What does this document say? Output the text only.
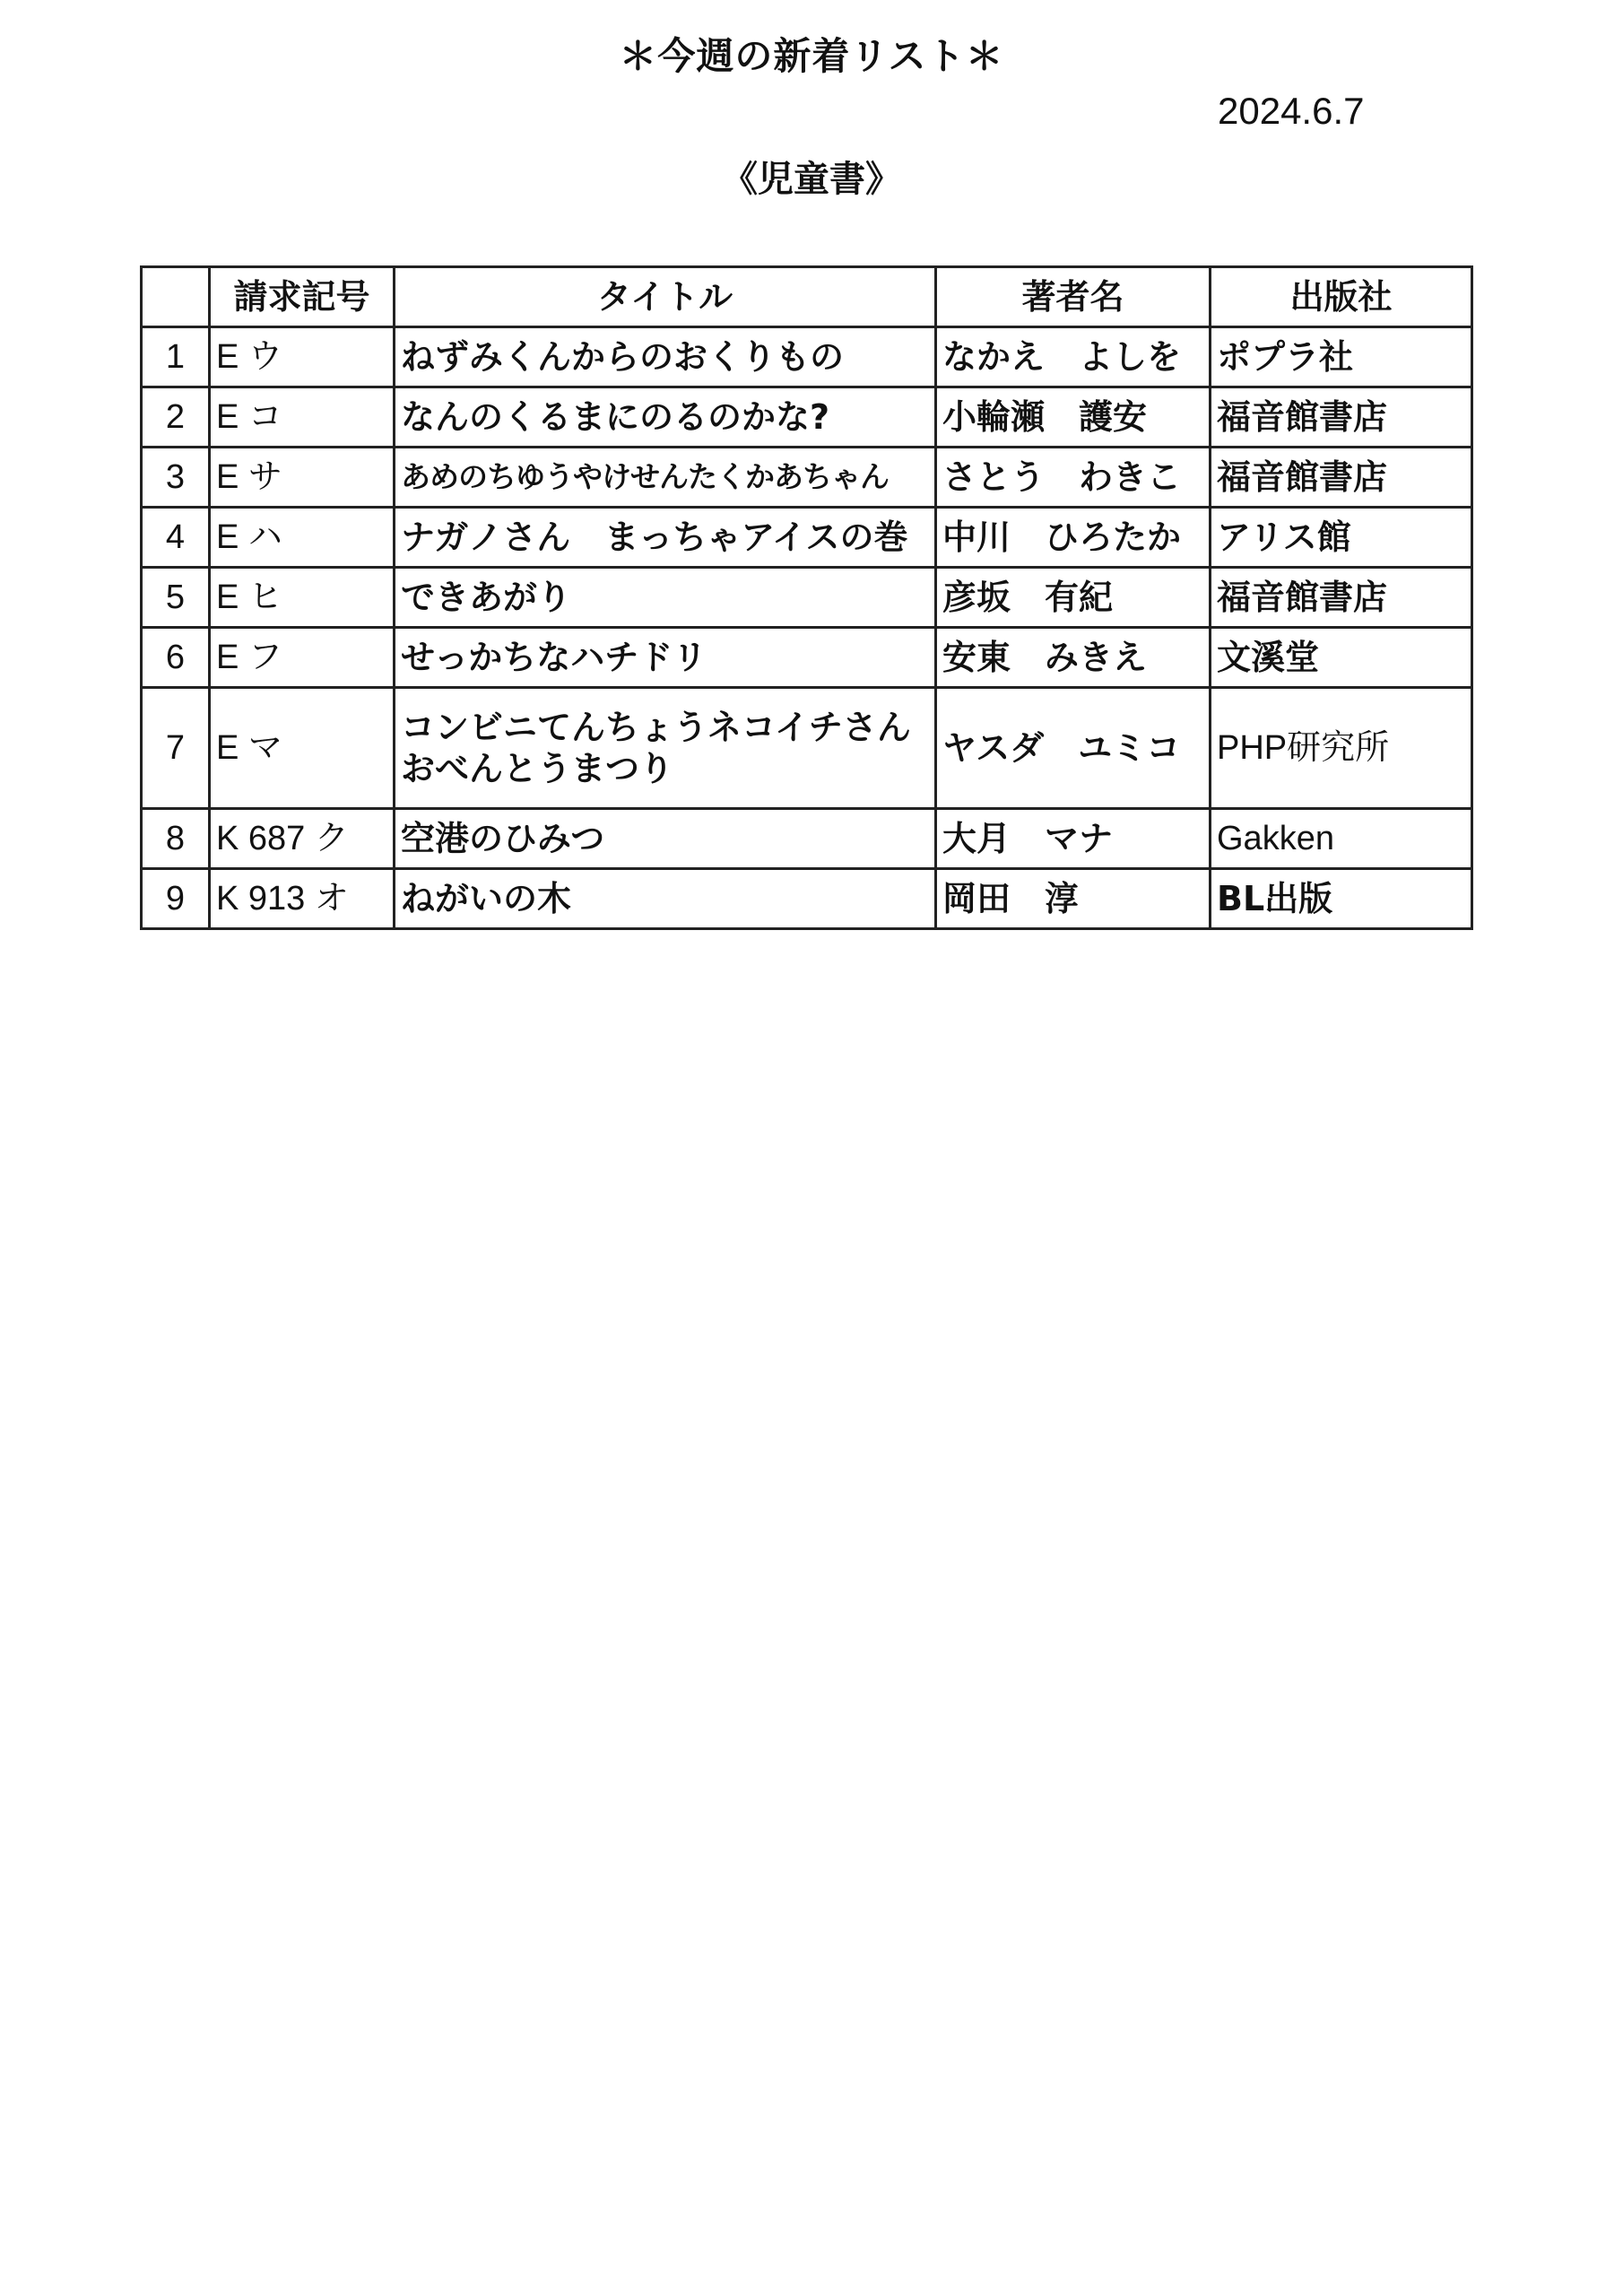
＊今週の新着リスト＊
2024.6.7
《児童書》
	請求記号	タイトル	著者名	出版社
1	E ウ	ねずみくんからのおくりもの	なかえ　よしを	ポプラ社
2	E コ	なんのくるまにのるのかな?	小輪瀬　護安	福音館書店
3	E サ	あめのちゆうやけせんたくかあちゃん	さとう　わきこ	福音館書店
4	E ハ	ナガノさん　まっちゃアイスの巻	中川　ひろたか	アリス館
5	E ヒ	できあがり	彦坂　有紀	福音館書店
6	E フ	せっかちなハチドリ	安東　みきえ	文溪堂
7	E マ	コンビニてんちょうネコイチさん
おべんとうまつり	ヤスダ　ユミコ	PHP研究所
8	K 687 ク	空港のひみつ	大月　マナ	Gakken
9	K 913 オ	ねがいの木	岡田　淳	BL出版
